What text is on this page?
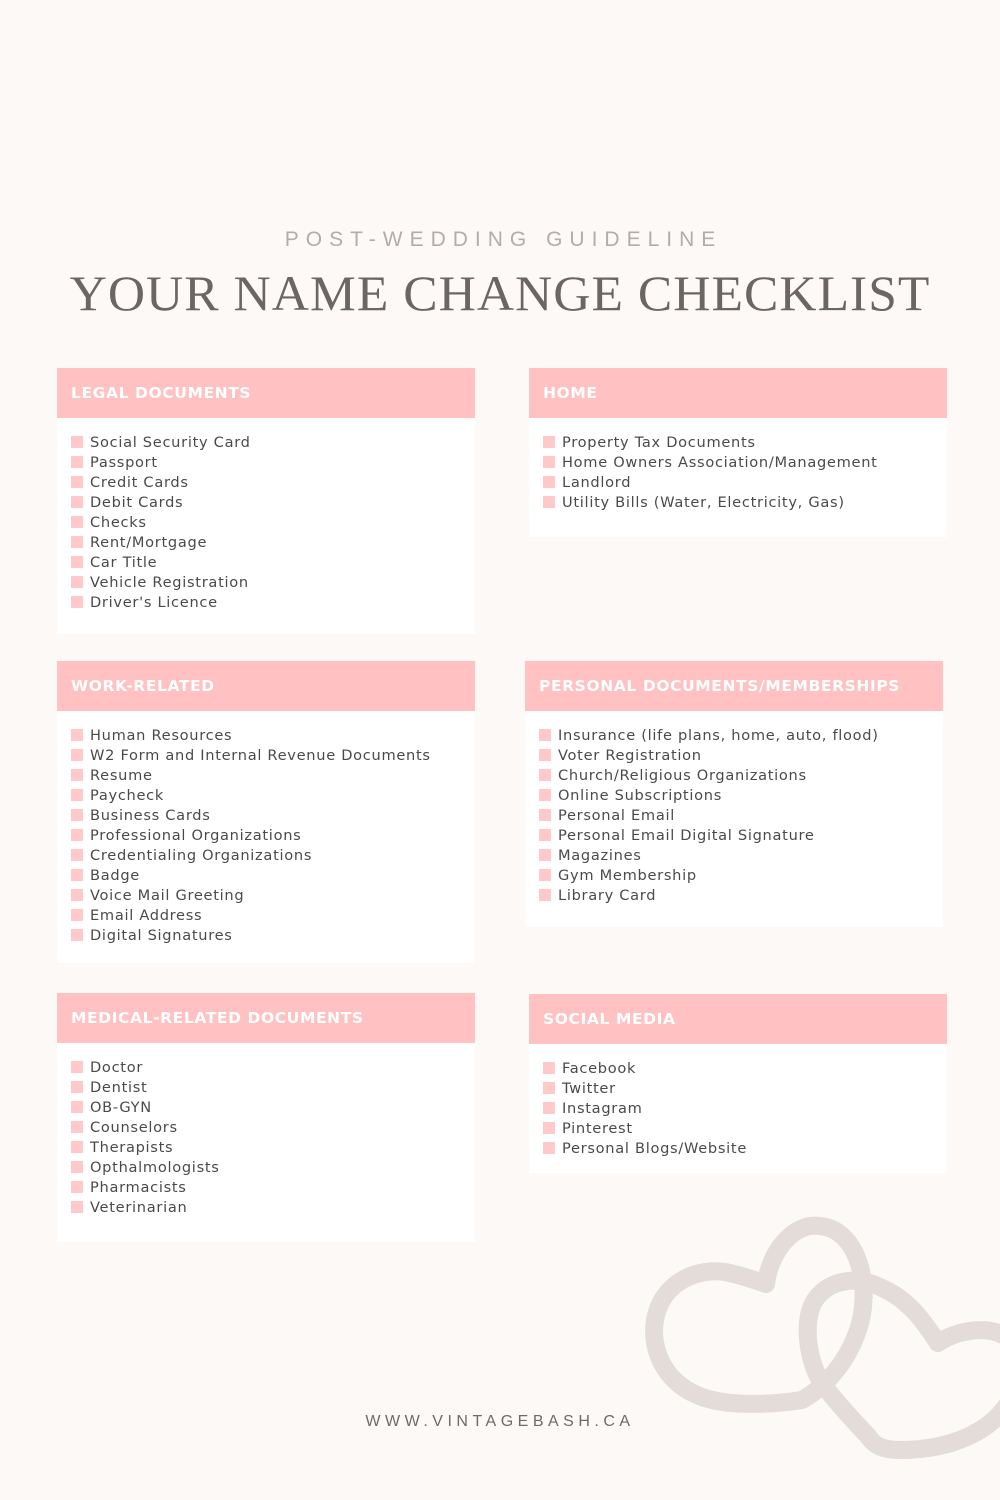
POST-WEDDING GUIDELINE
YOUR NAME CHANGE CHECKLIST
LEGAL DOCUMENTS
Social Security Card
Passport
Credit Cards
Debit Cards
Checks
Rent/Mortgage
Car Title
Vehicle Registration
Driver's Licence
HOME
Property Tax Documents
Home Owners Association/Management
Landlord
Utility Bills (Water, Electricity, Gas)
WORK-RELATED
Human Resources
W2 Form and Internal Revenue Documents
Resume
Paycheck
Business Cards
Professional Organizations
Credentialing Organizations
Badge
Voice Mail Greeting
Email Address
Digital Signatures
PERSONAL DOCUMENTS/MEMBERSHIPS
Insurance (life plans, home, auto, flood)
Voter Registration
Church/Religious Organizations
Online Subscriptions
Personal Email
Personal Email Digital Signature
Magazines
Gym Membership
Library Card
MEDICAL-RELATED DOCUMENTS
Doctor
Dentist
OB-GYN
Counselors
Therapists
Opthalmologists
Pharmacists
Veterinarian
SOCIAL MEDIA
Facebook
Twitter
Instagram
Pinterest
Personal Blogs/Website
WWW.VINTAGEBASH.CA
